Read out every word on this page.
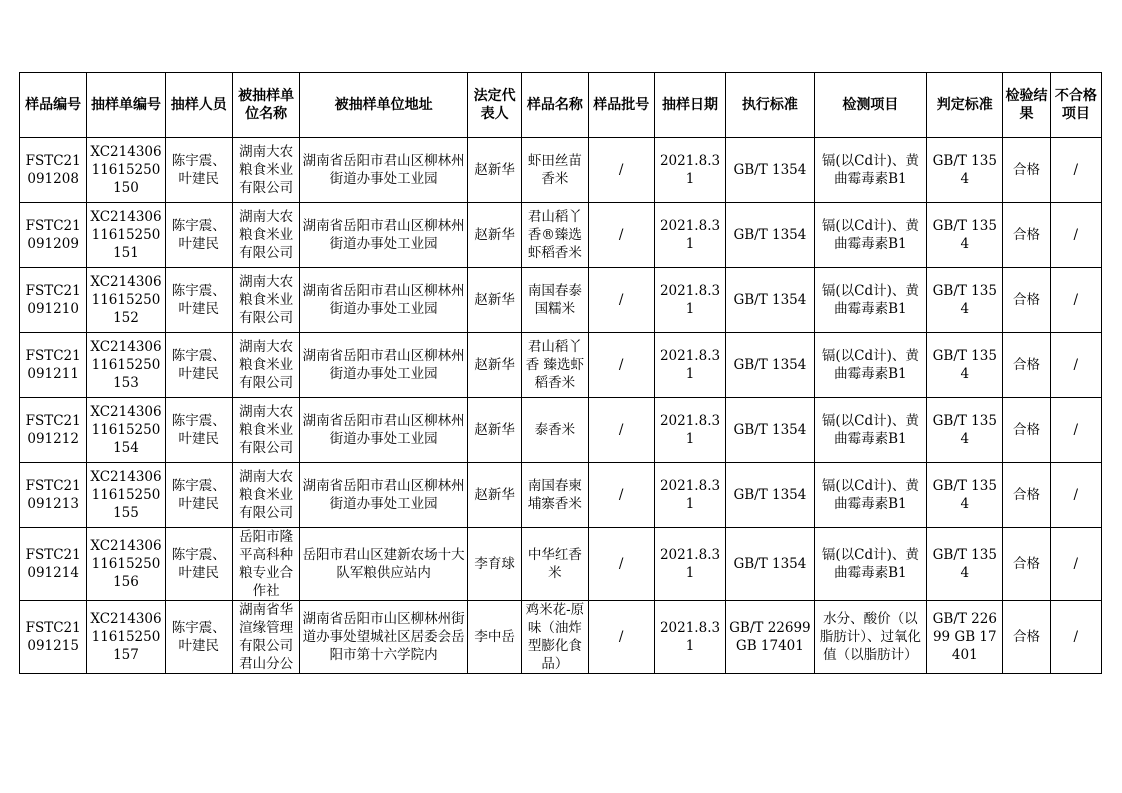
样品编号	抽样单编号	抽样人员	被抽样单位名称	被抽样单位地址	法定代表人	样品名称	样品批号	抽样日期	执行标准	检测项目	判定标准	检验结果	不合格项目
FSTC21091208	XC21430611615250150	陈宇震、叶建民	湖南大农粮食米业有限公司	湖南省岳阳市君山区柳林州街道办事处工业园	赵新华	虾田丝苗香米	/	2021.8.31	GB/T 1354	镉(以Cd计)、黄曲霉毒素B1	GB/T 1354	合格	/
FSTC21091209	XC21430611615250151	陈宇震、叶建民	湖南大农粮食米业有限公司	湖南省岳阳市君山区柳林州街道办事处工业园	赵新华	君山稻丫香®臻选虾稻香米	/	2021.8.31	GB/T 1354	镉(以Cd计)、黄曲霉毒素B1	GB/T 1354	合格	/
FSTC21091210	XC21430611615250152	陈宇震、叶建民	湖南大农粮食米业有限公司	湖南省岳阳市君山区柳林州街道办事处工业园	赵新华	南国春泰国糯米	/	2021.8.31	GB/T 1354	镉(以Cd计)、黄曲霉毒素B1	GB/T 1354	合格	/
FSTC21091211	XC21430611615250153	陈宇震、叶建民	湖南大农粮食米业有限公司	湖南省岳阳市君山区柳林州街道办事处工业园	赵新华	君山稻丫香 臻选虾稻香米	/	2021.8.31	GB/T 1354	镉(以Cd计)、黄曲霉毒素B1	GB/T 1354	合格	/
FSTC21091212	XC21430611615250154	陈宇震、叶建民	湖南大农粮食米业有限公司	湖南省岳阳市君山区柳林州街道办事处工业园	赵新华	泰香米	/	2021.8.31	GB/T 1354	镉(以Cd计)、黄曲霉毒素B1	GB/T 1354	合格	/
FSTC21091213	XC21430611615250155	陈宇震、叶建民	湖南大农粮食米业有限公司	湖南省岳阳市君山区柳林州街道办事处工业园	赵新华	南国春柬埔寨香米	/	2021.8.31	GB/T 1354	镉(以Cd计)、黄曲霉毒素B1	GB/T 1354	合格	/
FSTC21091214	XC21430611615250156	陈宇震、叶建民	岳阳市隆平高科种粮专业合作社	岳阳市君山区建新农场十大队军粮供应站内	李育球	中华红香米	/	2021.8.31	GB/T 1354	镉(以Cd计)、黄曲霉毒素B1	GB/T 1354	合格	/
FSTC21091215	XC21430611615250157	陈宇震、叶建民	湖南省华渲缘管理有限公司君山分公	湖南省岳阳市山区柳林州街道办事处望城社区居委会岳阳市第十六学院内	李中岳	鸡米花-原味（油炸型膨化食品）	/	2021.8.31	GB/T 22699 GB 17401	水分、酸价（以脂肪计）、过氧化值（以脂肪计）	GB/T 22699 GB 17401	合格	/
